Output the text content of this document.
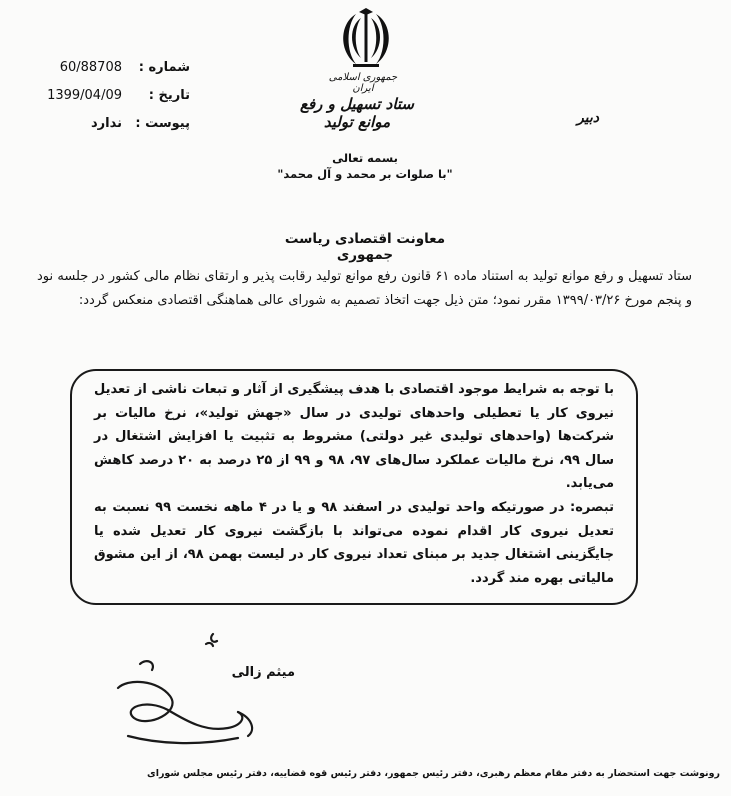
جمهوری اسلامی ایران
ستاد تسهیل و رفع موانع تولید	دبیر
شماره :
60/88708
تاریخ :
1399/04/09
پیوست :
ندارد
بسمه تعالی
"با صلوات بر محمد و آل محمد"
معاونت اقتصادی ریاست جمهوری
ستاد تسهیل و رفع موانع تولید به استناد ماده ۶۱ قانون رفع موانع تولید رقابت پذیر و ارتقای نظام مالی کشور در جلسه نود و پنجم مورخ ۱۳۹۹/۰۳/۲۶ مقرر نمود؛ متن ذیل جهت اتخاذ تصمیم به شورای عالی هماهنگی اقتصادی منعکس گردد:
با توجه به شرایط موجود اقتصادی با هدف پیشگیری از آثار و تبعات ناشی از تعدیل نیروی کار یا تعطیلی واحدهای تولیدی در سال «جهش تولید»، نرخ مالیات بر شرکت‌ها (واحدهای تولیدی غیر دولتی) مشروط به تثبیت یا افزایش اشتغال در سال ۹۹، نرخ مالیات عملکرد سال‌های ۹۷، ۹۸ و ۹۹ از ۲۵ درصد به ۲۰ درصد کاهش می‌یابد.
تبصره: در صورتیکه واحد تولیدی در اسفند ۹۸ و یا در ۴ ماهه نخست ۹۹ نسبت به تعدیل نیروی کار اقدام نموده می‌تواند با بازگشت نیروی کار تعدیل شده یا جایگزینی اشتغال جدید بر مبنای تعداد نیروی کار در لیست بهمن ۹۸، از این مشوق مالیاتی بهره مند گردد.
میثم زالی
رونوشت جهت استحضار به دفتر مقام معظم رهبری، دفتر رئیس جمهور، دفتر رئیس قوه قضاییه، دفتر رئیس مجلس شورای
